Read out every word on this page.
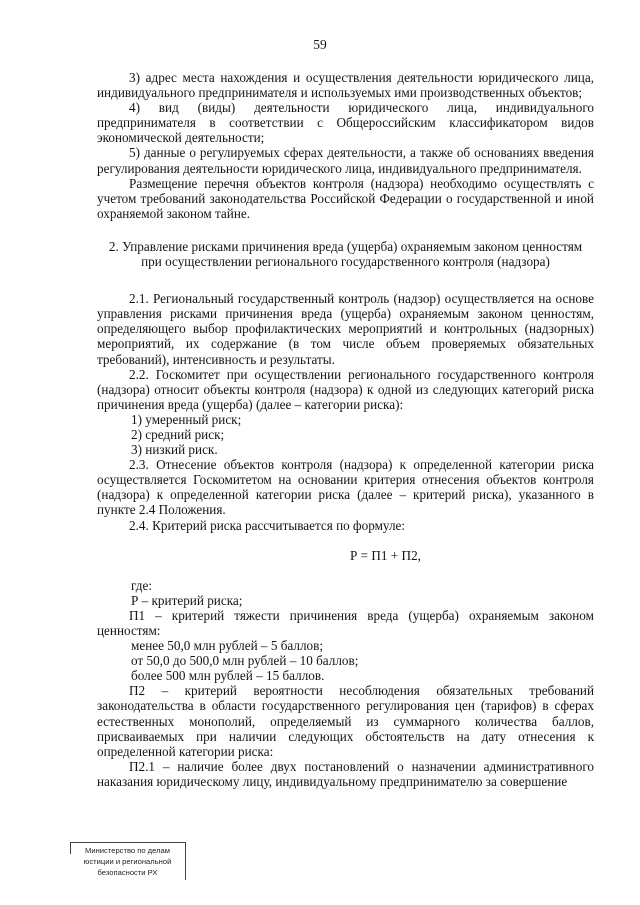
59

3) адрес места нахождения и осуществления деятельности юридического лица, индивидуального предпринимателя и используемых ими производственных объектов;

4) вид (виды) деятельности юридического лица, индивидуального предпринимателя в соответствии с Общероссийским классификатором видов экономической деятельности;

5) данные о регулируемых сферах деятельности, а также об основаниях введения регулирования деятельности юридического лица, индивидуального предпринимателя.

Размещение перечня объектов контроля (надзора) необходимо осуществлять с учетом требований законодательства Российской Федерации о государственной и иной охраняемой законом тайне.

2. Управление рисками причинения вреда (ущерба) охраняемым законом ценностям при осуществлении регионального государственного контроля (надзора)

2.1. Региональный государственный контроль (надзор) осуществляется на основе управления рисками причинения вреда (ущерба) охраняемым законом ценностям, определяющего выбор профилактических мероприятий и контрольных (надзорных) мероприятий, их содержание (в том числе объем проверяемых обязательных требований), интенсивность и результаты.

2.2. Госкомитет при осуществлении регионального государственного контроля (надзора) относит объекты контроля (надзора) к одной из следующих категорий риска причинения вреда (ущерба) (далее – категории риска):

1) умеренный риск;

2) средний риск;

3) низкий риск.

2.3. Отнесение объектов контроля (надзора) к определенной категории риска осуществляется Госкомитетом на основании критерия отнесения объектов контроля (надзора) к определенной категории риска (далее – критерий риска), указанного в пункте 2.4 Положения.

2.4. Критерий риска рассчитывается по формуле:

Р = П1 + П2,

где:

Р – критерий риска;

П1 – критерий тяжести причинения вреда (ущерба) охраняемым законом ценностям:

менее 50,0 млн рублей – 5 баллов;

от 50,0 до 500,0 млн рублей – 10 баллов;

более 500 млн рублей – 15 баллов.

П2 – критерий вероятности несоблюдения обязательных требований законодательства в области государственного регулирования цен (тарифов) в сферах естественных монополий, определяемый из суммарного количества баллов, присваиваемых при наличии следующих обстоятельств на дату отнесения к определенной категории риска:

П2.1 – наличие более двух постановлений о назначении административного наказания юридическому лицу, индивидуальному предпринимателю за совершение

Министерство по делам
юстиции и региональной
безопасности РХ
